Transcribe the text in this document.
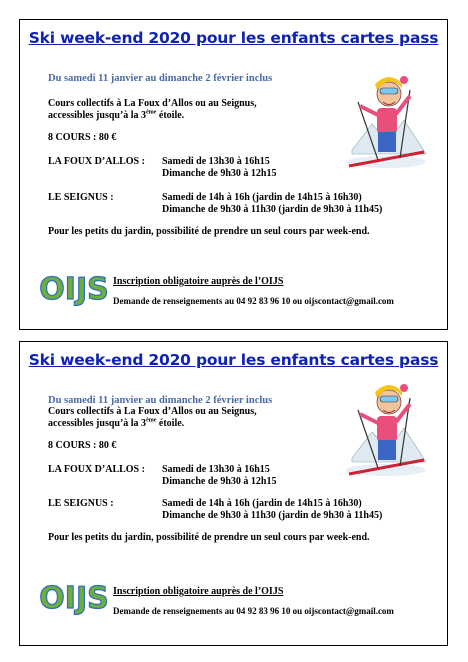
Ski week-end 2020 pour les enfants cartes pass
Du samedi 11 janvier au dimanche 2 février inclus
Cours collectifs à La Foux d’Allos ou au Seignus,
accessibles jusqu’à la 3ème étoile.
8 COURS : 80 €
LA FOUX D’ALLOS : Samedi de 13h30 à 16h15
Dimanche de 9h30 à 12h15
LE SEIGNUS :	Samedi de 14h à 16h (jardin de 14h15 à 16h30)
Dimanche de 9h30 à 11h30 (jardin de 9h30 à 11h45)
Pour les petits du jardin, possibilité de prendre un seul cours par week-end.
OIJS Inscription obligatoire auprès de l’OIJS
Demande de renseignements au 04 92 83 96 10 ou oijscontact@gmail.com
Ski week-end 2020 pour les enfants cartes pass
Du samedi 11 janvier au dimanche 2 février inclus
Cours collectifs à La Foux d’Allos ou au Seignus,
accessibles jusqu’à la 3ème étoile.
8 COURS : 80 €
LA FOUX D’ALLOS : Samedi de 13h30 à 16h15
Dimanche de 9h30 à 12h15
LE SEIGNUS :	Samedi de 14h à 16h (jardin de 14h15 à 16h30)
Dimanche de 9h30 à 11h30 (jardin de 9h30 à 11h45)
Pour les petits du jardin, possibilité de prendre un seul cours par week-end.
OIJS Inscription obligatoire auprès de l’OIJS
Demande de renseignements au 04 92 83 96 10 ou oijscontact@gmail.com
